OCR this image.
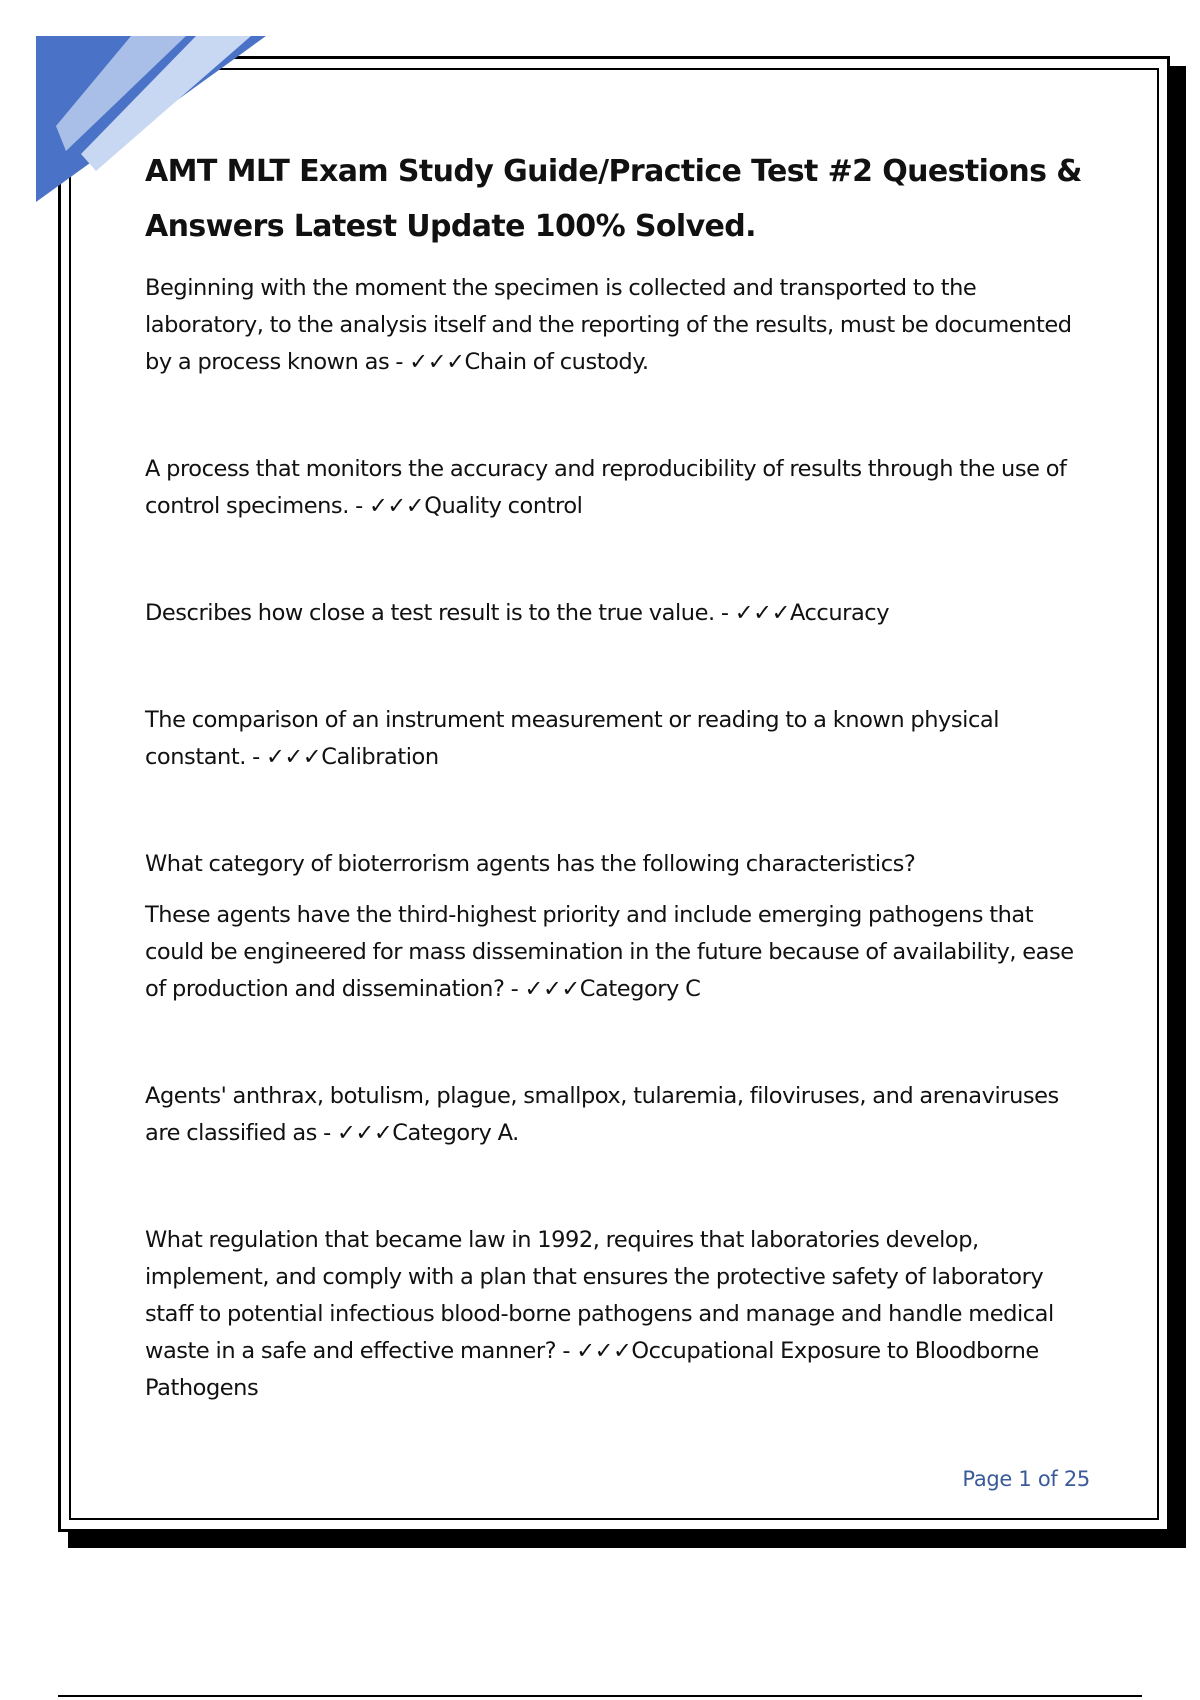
AMT MLT Exam Study Guide/Practice Test #2 Questions & Answers Latest Update 100% Solved.

Beginning with the moment the specimen is collected and transported to the laboratory, to the analysis itself and the reporting of the results, must be documented by a process known as - ✓✓✓Chain of custody.

A process that monitors the accuracy and reproducibility of results through the use of control specimens. - ✓✓✓Quality control

Describes how close a test result is to the true value. - ✓✓✓Accuracy

The comparison of an instrument measurement or reading to a known physical constant. - ✓✓✓Calibration

What category of bioterrorism agents has the following characteristics?

These agents have the third-highest priority and include emerging pathogens that could be engineered for mass dissemination in the future because of availability, ease of production and dissemination? - ✓✓✓Category C

Agents' anthrax, botulism, plague, smallpox, tularemia, filoviruses, and arenaviruses are classified as - ✓✓✓Category A.

What regulation that became law in 1992, requires that laboratories develop, implement, and comply with a plan that ensures the protective safety of laboratory staff to potential infectious blood-borne pathogens and manage and handle medical waste in a safe and effective manner? - ✓✓✓Occupational Exposure to Bloodborne Pathogens

Page 1 of 25
